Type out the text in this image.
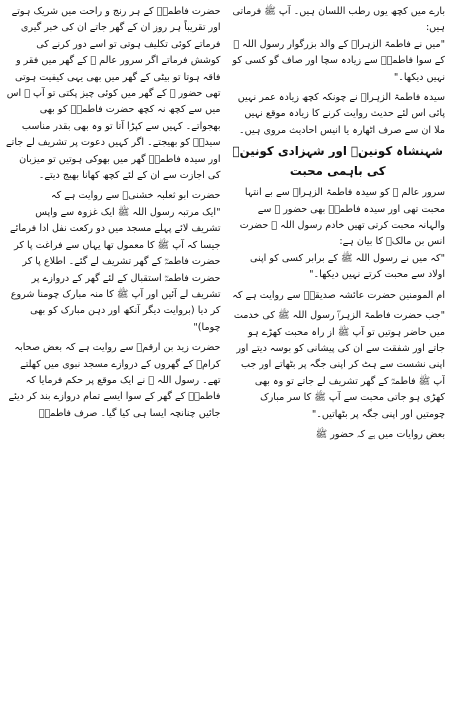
بارے میں کچھ یوں رطب اللسان ہیں۔ آپ ﷺ فرماتی ہیں:
"میں نے فاطمۃ الزہراؓ کے والد بزرگوار رسول اللہ ﷺ کے سوا فاطمہؓ سے زیادہ سچا اور صاف گو کسی کو نہیں دیکھا۔"
سیدہ فاطمۃ الزہراؓ نے چونکہ کچھ زیادہ عمر نہیں پائی اس لئے حدیث روایت کرنے کا زیادہ موقع نہیں ملا ان سے صرف اٹھارہ یا انیس احادیث مروی ہیں۔
شہنشاہ کونینؐ اور شہزادی کونینؓ کی باہمی محبت
سرور عالم ﷺ کو سیدہ فاطمۃ الزہراؓ سے بے انتہا محبت تھی اور سیدہ فاطمہؓ بھی حضور ﷺ سے والہانہ محبت کرتی تھیں خادم رسول اللہ ﷺ حضرت انس بن مالکؓ کا بیان ہے:
"کہ میں نے رسول اللہ ﷺ کے برابر کسی کو اپنی اولاد سے محبت کرتے نہیں دیکھا۔"
ام المومنین حضرت عائشہ صدیقہؓ سے روایت ہے کہ
"جب حضرت فاطمۃ الزہراؓ رسول اللہ ﷺ کی خدمت میں حاضر ہوتیں تو آپ ﷺ از راہ محبت کھڑے ہو جاتے اور شفقت سے ان کی پیشانی کو بوسہ دیتے اور اپنی نشست سے ہٹ کر اپنی جگہ پر بٹھاتے اور جب آپ ﷺ فاطمہؓ کے گھر تشریف لے جاتے تو وہ بھی کھڑی ہو جاتی محبت سے آپ ﷺ کا سر مبارک چومتیں اور اپنی جگہ پر بٹھاتیں۔"
بعض روایات میں ہے کہ حضور ﷺ
حضرت فاطمہؓ کے ہر رنج و راحت میں شریک ہوتے اور تقریباً ہر روز ان کے گھر جاتے ان کی خبر گیری فرماتے کوئی تکلیف ہوتی تو اسے دور کرنے کی کوشش فرماتے اگر سرور عالم ﷺ کے گھر میں فقر و فاقہ ہوتا تو بیٹی کے گھر میں بھی یہی کیفیت ہوتی تھی حضور ﷺ کے گھر میں کوئی چیز پکتی تو آپ ﷺ اس میں سے کچھ نہ کچھ حضرت فاطمہؓ کو بھی بھجواتے۔ کہیں سے کپڑا آتا تو وہ بھی بقدر مناسب سیدہؓ کو بھیجتے۔ اگر کہیں دعوت پر تشریف لے جاتے اور سیدہ فاطمہؓ گھر میں بھوکی ہوتیں تو میزبان کی اجازت سے ان کے لئے کچھ کھانا بھیج دیتے۔
حضرت ابو ثعلبہ خشنیؓ سے روایت ہے کہ
"ایک مرتبہ رسول اللہ ﷺ ایک غزوہ سے واپس تشریف لائے پہلے مسجد میں دو رکعت نفل ادا فرمائے جیسا کہ آپ ﷺ کا معمول تھا یہاں سے فراغت پا کر حضرت فاطمہؓ کے گھر تشریف لے گئے۔ اطلاع پا کر حضرت فاطمہؓ استقبال کے لئے گھر کے دروازے پر تشریف لے آئیں اور آپ ﷺ کا منہ مبارک چومنا شروع کر دیا (بروایت دیگر آنکھ اور دہن مبارک کو بھی چوما)"
حضرت زید بن ارقمؓ سے روایت ہے کہ بعض صحابہ کرامؓ کے گھروں کے دروازے مسجد نبوی میں کھلتے تھے۔ رسول اللہ ﷺ نے ایک موقع پر حکم فرمایا کہ فاطمہؓ کے گھر کے سوا ایسے تمام دروازے بند کر دیئے جائیں چنانچہ ایسا ہی کیا گیا۔ صرف فاطمہؓ
